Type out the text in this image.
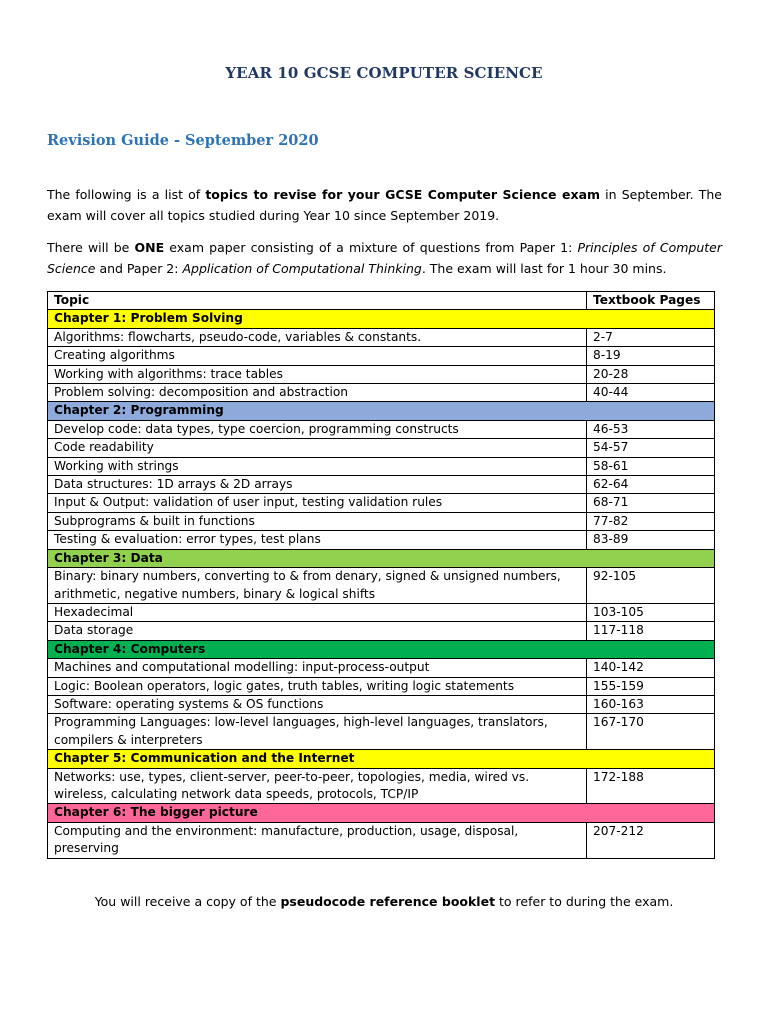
YEAR 10 GCSE COMPUTER SCIENCE
Revision Guide - September 2020
The following is a list of topics to revise for your GCSE Computer Science exam in September. The exam will cover all topics studied during Year 10 since September 2019.
There will be ONE exam paper consisting of a mixture of questions from Paper 1: Principles of Computer Science and Paper 2: Application of Computational Thinking. The exam will last for 1 hour 30 mins.
Topic	Textbook Pages
Chapter 1: Problem Solving	
Algorithms: flowcharts, pseudo-code, variables & constants.	2-7
Creating algorithms	8-19
Working with algorithms: trace tables	20-28
Problem solving: decomposition and abstraction	40-44
Chapter 2: Programming	
Develop code: data types, type coercion, programming constructs	46-53
Code readability	54-57
Working with strings	58-61
Data structures: 1D arrays & 2D arrays	62-64
Input & Output: validation of user input, testing validation rules	68-71
Subprograms & built in functions	77-82
Testing & evaluation: error types, test plans	83-89
Chapter 3: Data	
Binary: binary numbers, converting to & from denary, signed & unsigned numbers, arithmetic, negative numbers, binary & logical shifts	92-105
Hexadecimal	103-105
Data storage	117-118
Chapter 4: Computers	
Machines and computational modelling: input-process-output	140-142
Logic: Boolean operators, logic gates, truth tables, writing logic statements	155-159
Software: operating systems & OS functions	160-163
Programming Languages: low-level languages, high-level languages, translators, compilers & interpreters	167-170
Chapter 5: Communication and the Internet	
Networks: use, types, client-server, peer-to-peer, topologies, media, wired vs. wireless, calculating network data speeds, protocols, TCP/IP	172-188
Chapter 6: The bigger picture	
Computing and the environment: manufacture, production, usage, disposal, preserving	207-212
You will receive a copy of the pseudocode reference booklet to refer to during the exam.
